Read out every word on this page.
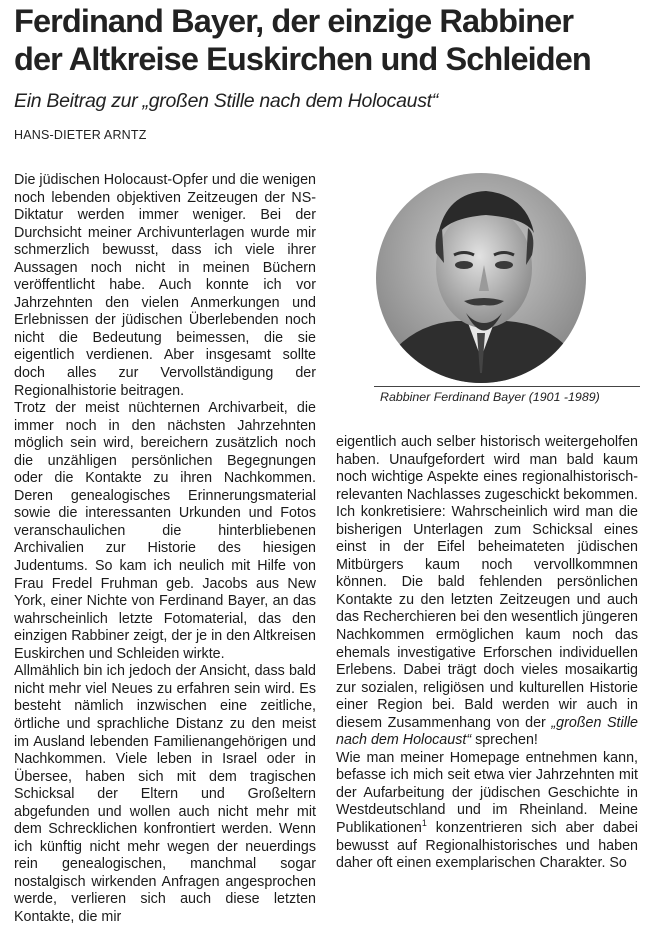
Ferdinand Bayer, der einzige Rabbiner
der Altkreise Euskirchen und Schleiden

Ein Beitrag zur „großen Stille nach dem Holocaust“

HANS-DIETER ARNTZ

Die jüdischen Holocaust-Opfer und die wenigen noch lebenden objektiven Zeitzeugen der NS-Diktatur werden immer weniger. Bei der Durchsicht meiner Archivunterlagen wurde mir schmerzlich bewusst, dass ich viele ihrer Aussagen noch nicht in meinen Büchern veröffentlicht habe. Auch konnte ich vor Jahrzehnten den vielen Anmerkungen und Erlebnissen der jüdischen Überlebenden noch nicht die Bedeutung beimessen, die sie eigentlich verdienen. Aber insgesamt sollte doch alles zur Vervollständigung der Regionalhistorie beitragen.

Trotz der meist nüchternen Archivarbeit, die immer noch in den nächsten Jahrzehnten möglich sein wird, bereichern zusätzlich noch die unzähligen persönlichen Begegnungen oder die Kontakte zu ihren Nachkommen. Deren genealogisches Erinnerungsmaterial sowie die interessanten Urkunden und Fotos veranschaulichen die hinterbliebenen Archivalien zur Historie des hiesigen Judentums. So kam ich neulich mit Hilfe von Frau Fredel Fruhman geb. Jacobs aus New York, einer Nichte von Ferdinand Bayer, an das wahrscheinlich letzte Fotomaterial, das den einzigen Rabbiner zeigt, der je in den Altkreisen Euskirchen und Schleiden wirkte.

Allmählich bin ich jedoch der Ansicht, dass bald nicht mehr viel Neues zu erfahren sein wird. Es besteht nämlich inzwischen eine zeitliche, örtliche und sprachliche Distanz zu den meist im Ausland lebenden Familienangehörigen und Nachkommen. Viele leben in Israel oder in Übersee, haben sich mit dem tragischen Schicksal der Eltern und Großeltern abgefunden und wollen auch nicht mehr mit dem Schrecklichen konfrontiert werden. Wenn ich künftig nicht mehr wegen der neuerdings rein genealogischen, manchmal sogar nostalgisch wirkenden Anfragen angesprochen werde, verlieren sich auch diese letzten Kontakte, die mir

Rabbiner Ferdinand Bayer (1901 -1989)

eigentlich auch selber historisch weitergeholfen haben. Unaufgefordert wird man bald kaum noch wichtige Aspekte eines regionalhistorisch-relevanten Nachlasses zugeschickt bekommen.

Ich konkretisiere: Wahrscheinlich wird man die bisherigen Unterlagen zum Schicksal eines einst in der Eifel beheimateten jüdischen Mitbürgers kaum noch vervollkommnen können. Die bald fehlenden persönlichen Kontakte zu den letzten Zeitzeugen und auch das Recherchieren bei den wesentlich jüngeren Nachkommen ermöglichen kaum noch das ehemals investigative Erforschen individuellen Erlebens. Dabei trägt doch vieles mosaikartig zur sozialen, religiösen und kulturellen Historie einer Region bei. Bald werden wir auch in diesem Zusammenhang von der „großen Stille nach dem Holocaust“ sprechen!

Wie man meiner Homepage entnehmen kann, befasse ich mich seit etwa vier Jahrzehnten mit der Aufarbeitung der jüdischen Geschichte in Westdeutschland und im Rheinland. Meine Publikationen$^1$ konzentrieren sich aber dabei bewusst auf Regionalhistorisches und haben daher oft einen exemplarischen Charakter. So
